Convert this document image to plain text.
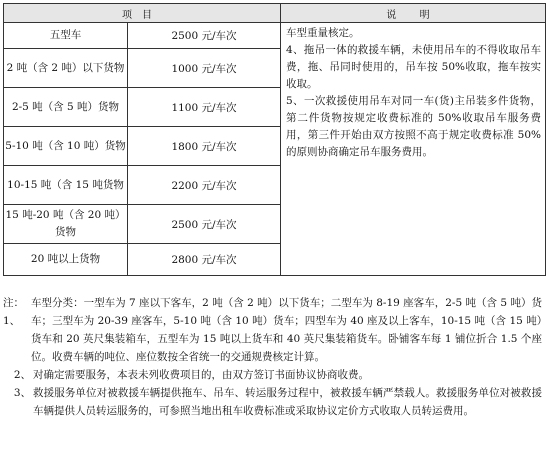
项目		说 明
五型车	2500 元/车次	车型重量核定。
4、拖吊一体的救援车辆，未使用吊车的不得收取吊车费，拖、吊同时使用的，吊车按 50%收取，拖车按实收取。
5、一次救援使用吊车对同一车(货)主吊装多件货物，第二件货物按规定收费标准的 50%收取吊车服务费用，第三件开始由双方按照不高于规定收费标准 50%的原则协商确定吊车服务费用。

2 吨（含 2 吨）以下货物	1000 元/车次	
2-5 吨（含 5 吨）货物	1100 元/车次	
5-10 吨（含 10 吨）货物	1800 元/车次	
10-15 吨（含 15 吨货物	2200 元/车次	
15 吨-20 吨（含 20 吨）货物	2500 元/车次	
20 吨以上货物	2800 元/车次	
注：1、
车型分类：一型车为 7 座以下客车，2 吨（含 2 吨）以下货车；二型车为 8-19 座客车，2-5 吨（含 5 吨）货车；三型车为 20-39 座客车，5-10 吨（含 10 吨）货车；四型车为 40 座及以上客车，10-15 吨（含 15 吨）货车和 20 英尺集装箱车，五型车为 15 吨以上货车和 40 英尺集装箱货车。卧铺客车每 1 铺位折合 1.5 个座位。收费车辆的吨位、座位数按全省统一的交通规费核定计算。
2、 对确定需要服务，本表未列收费项目的，由双方签订书面协议协商收费。
3、 救援服务单位对被救援车辆提供拖车、吊车、转运服务过程中，被救援车辆严禁载人。救援服务单位对被救援车辆提供人员转运服务的，可参照当地出租车收费标准或采取协议定价方式收取人员转运费用。
